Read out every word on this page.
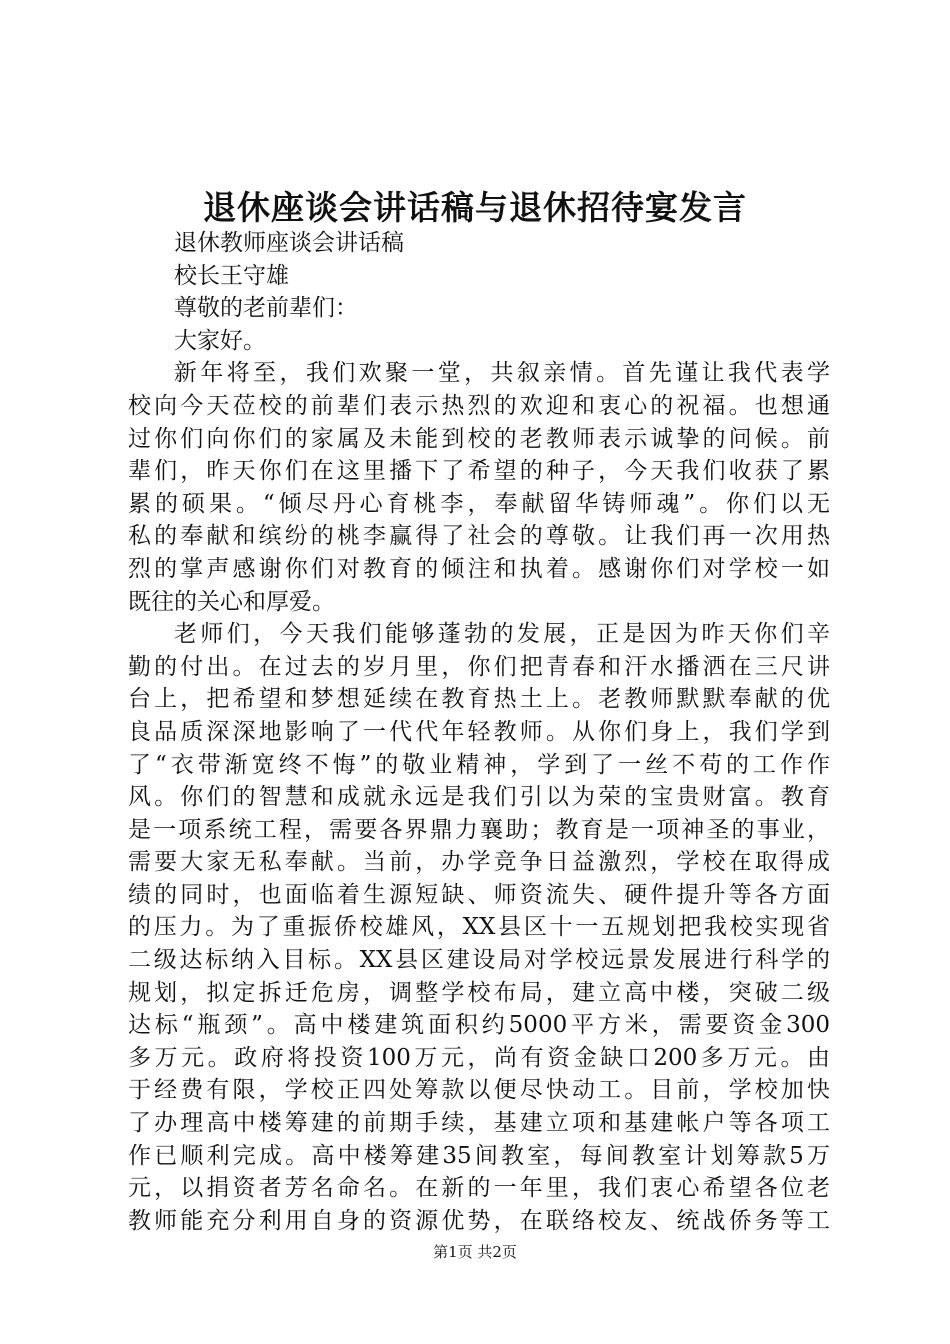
退休座谈会讲话稿与退休招待宴发言
退休教师座谈会讲话稿
校长王守雄
尊敬的老前辈们：
大家好。
新年将至，我们欢聚一堂，共叙亲情。首先谨让我代表学
校向今天莅校的前辈们表示热烈的欢迎和衷心的祝福。也想通
过你们向你们的家属及未能到校的老教师表示诚挚的问候。前
辈们，昨天你们在这里播下了希望的种子，今天我们收获了累
累的硕果。“倾尽丹心育桃李，奉献留华铸师魂”。你们以无
私的奉献和缤纷的桃李赢得了社会的尊敬。让我们再一次用热
烈的掌声感谢你们对教育的倾注和执着。感谢你们对学校一如
既往的关心和厚爱。
老师们，今天我们能够蓬勃的发展，正是因为昨天你们辛
勤的付出。在过去的岁月里，你们把青春和汗水播洒在三尺讲
台上，把希望和梦想延续在教育热土上。老教师默默奉献的优
良品质深深地影响了一代代年轻教师。从你们身上，我们学到
了“衣带渐宽终不悔”的敬业精神，学到了一丝不苟的工作作
风。你们的智慧和成就永远是我们引以为荣的宝贵财富。教育
是一项系统工程，需要各界鼎力襄助；教育是一项神圣的事业，
需要大家无私奉献。当前，办学竞争日益激烈，学校在取得成
绩的同时，也面临着生源短缺、师资流失、硬件提升等各方面
的压力。为了重振侨校雄风，XX县区十一五规划把我校实现省
二级达标纳入目标。XX县区建设局对学校远景发展进行科学的
规划，拟定拆迁危房，调整学校布局，建立高中楼，突破二级
达标“瓶颈”。高中楼建筑面积约5000平方米，需要资金300
多万元。政府将投资100万元，尚有资金缺口200多万元。由
于经费有限，学校正四处筹款以便尽快动工。目前，学校加快
了办理高中楼筹建的前期手续，基建立项和基建帐户等各项工
作已顺利完成。高中楼筹建35间教室，每间教室计划筹款5万
元，以捐资者芳名命名。在新的一年里，我们衷心希望各位老
教师能充分利用自身的资源优势，在联络校友、统战侨务等工
第1页 共2页
